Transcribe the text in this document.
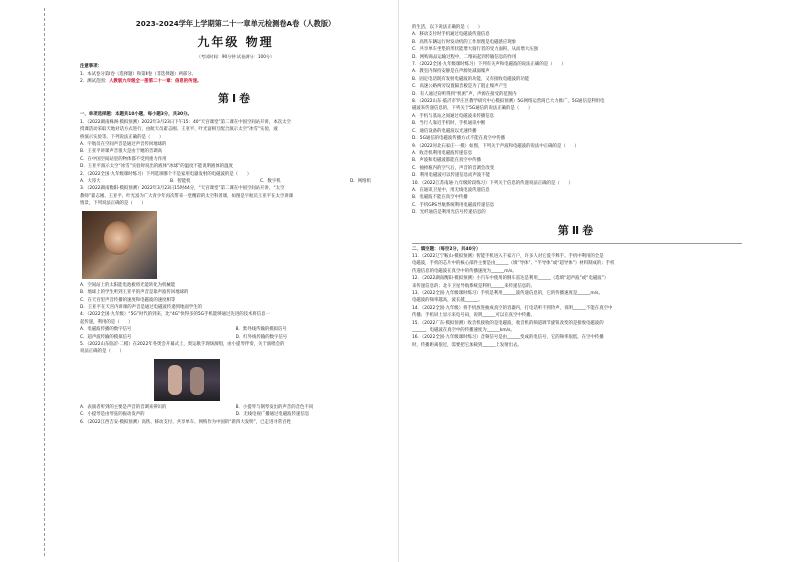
2023-2024学年上学期第二十一章单元检测卷A卷（人教版）

九年级 物理

（考试时间：90分钟 试卷满分：100分）

注意事项：

1．本试卷分第Ⅰ卷（选择题）和第Ⅱ卷（非选择题）两部分。

2．测试范围：人教版九年级全一册第二十一章：信息的传递。

第Ⅰ卷

一、单项选择题：本题共10小题，每小题3分，共30分。

1．（2022湖南株洲·模拟预测）2022年3月23日下午15：40“天宫课堂”第二课在中国空间站开讲，本次太空

授课活动采取天地对话方式进行，由航天员翟志刚、王亚平、叶光富相互配合演示太空“冰雪”实验，液

桥演示实验等。下列说法正确的是（　　）

A．宇航员在空间声音是通过声音传回地球的

B．王亚平讲课声音很大是由于她的音调高

C．在中国空间站里的物体都不受到重力作用

D．王亚平演示太空“冰雪”实验时说出的液体“冰球”的温度不能说明液体的温度

2．（2022全国·九年级课时练习）下列选项哪个不是家用电器发射的电磁波的是（　　）

A．大哥大	B．智能机	C．数字机	D．网络机

3．（2022湖南衡阳·模拟预测）2022年3月23日15时44分，“天宫课堂”第二课在中国空间站开讲，“太空

教师”翟志刚、王亚平、叶光富为广大青少年再次带来一堂精彩的太空科普课，如图是宇航员王亚平在太空讲课

情景，下列说法正确的是（　　）

A．空间站上的太阳能电池板将光能转化为机械能

B．地球上的学生听到王亚平的声音是靠声波传回地球的

C．在天宫里声音传播的速度和电磁波的速度相等

D．王亚平在天宫内讲课的声音是通过电磁波传递到地面学生的

4．（2022全国·九年级）“5G”时代的到来，比“4G”快得多的5G手机能够通过先进的技术将信息一

起传递，利用的是（　　）

A．电磁波传播的数字信号	B．紫外线传输的模拟信号

C．超声波传输的模拟信号	D．红外线传输的数字信号

5．（2022山东临沂·二模）在2022年冬奥会开幕式上，奥运歌手现场演唱，由小提琴伴奏，关于演唱会的

说法正确的是（　　）

A．表演者听到的主要是声音的音调来辨识的	B．小提琴与钢琴发出的声音的音色不同

C．小提琴是由琴弦的振动发声的	D．无线电视广播通过电磁波传递信息

6．（2022江西吉安·模拟预测）高铁、移动支付、共享单车、网购作为中国的“新四大发明”，已走进寻常百姓

的生活，以下说法正确的是（　　）

A．移动支付时手机通过电磁波传递信息

B．高铁车辆运行时发动机的工作原理是电磁感应现象

C．共享单车坐垫的形状能增大骑行者的受力面积，从而增大压强

D．网购商品运输过程中，二维码起到传输信息的作用

7．（2022全国·九年级课时练习）下列有关声和电磁波的说法正确的是（　　）

A．教室内保持安静是在声源处减弱噪声

B．固定电话既有发射电磁波的功能，又有接收电磁波的功能

C．高速公路两旁设置隔音板是为了阻止噪声产生

D．有人通过窃听得到“机密”声，声源在接受的范围内

8．（2022山东·临沂市罗庄区教学研究中心模拟预测）5G网络运营商已大力推广，5G通信是利用电

磁波来传递信息的，下列关于5G通信的说法正确的是（　　）

A．手机与基站之间通过电磁波来传播信息

B．当行人靠近手机时，手机通讯中断

C．通信设备的电磁波以光速传播

D．5G通信的电磁波传播方式不能在真空中传播

9．（2022河北石家庄·一模）如图，下列关于声波和电磁波的说法中正确的是（　　）

A．收音机利用电磁波传递信息

B．声波和电磁波都能在真空中传播

C．抽掉瓶内的空气后，声音的音调会改变

D．利用电磁波可以传递信息而声波不能

10．（2022江苏南通·九年级阶段练习）下列关于信息的传递说法正确的是（　　）

A．在通讯卫星中，用无线电波传递信息

B．电磁波不能在真空中传播

C．手机GPS导航系统利用电磁波传递信息

D．光纤通信是利用光信号传递信息的

第Ⅱ卷

二、填空题：（每空2分，共40分）

11．（2022辽宁鞍山·模拟预测）智能手机进入千家万户，许多人对它爱不释手。手机中利用的全是

电磁波，手机的芯片中的核心部件主要是由______（填“导体”、“半导体”或“超导体”）材料制成的；手机

传递信息的电磁波在真空中的传播速度为______m/s。

12．（2022湖南衡阳·模拟预测）小汽车中使用的倒车雷达是利用______（选填“超声波”或“电磁波”）

来传递信息的；北斗卫星导航系统是利用______来传递信息的。

13．（2022全国·九年级课时练习）手机是利用______波传递信息的，它的传播速度是______m/s。

电磁波的频率越高，波长越______。

14．（2022全国·九年级）将手机放进抽成真空的容器内，打电话听不到铃声，说明______不能在真空中

传播；手机屏上显示来电号码，说明______可以在真空中传播。

15．（2022广东·模拟预测）收音机接收的是电磁波，收音机的频道调节旋钮改变的是接收电磁波的

______，电磁波在真空中的传播速度为______km/s。

16．（2022全国·九年级课时练习）音频信号是由______变成的电信号，它的频率很低，在空中传播

时，传播距离很近，需要把它加载到______上发射出去。
